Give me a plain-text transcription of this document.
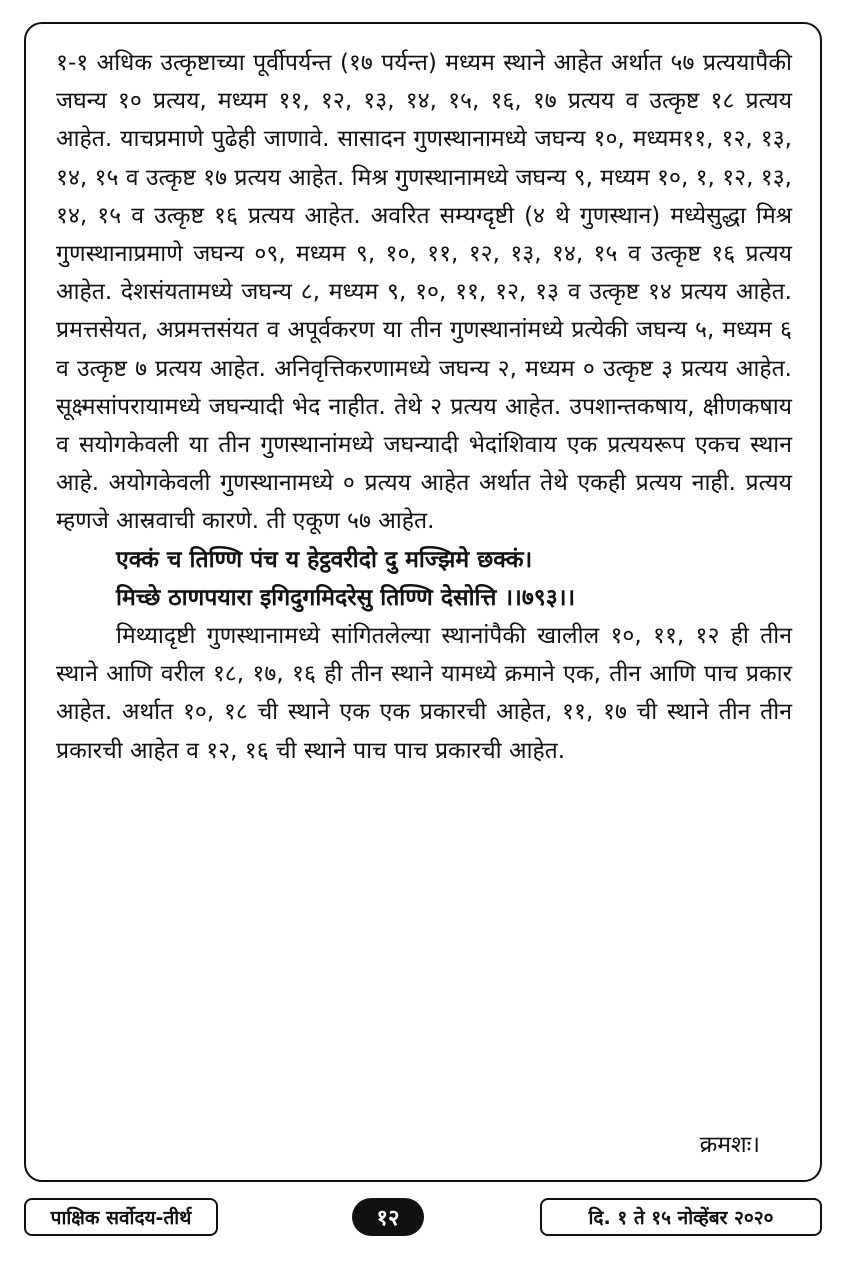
१-१ अधिक उत्कृष्टाच्या पूर्वीपर्यन्त (१७ पर्यन्त) मध्यम स्थाने आहेत अर्थात ५७ प्रत्ययापैकी जघन्य १० प्रत्यय, मध्यम ११, १२, १३, १४, १५, १६, १७ प्रत्यय व उत्कृष्ट १८ प्रत्यय आहेत. याचप्रमाणे पुढेही जाणावे. सासादन गुणस्थानामध्ये जघन्य १०, मध्यम११, १२, १३, १४, १५ व उत्कृष्ट १७ प्रत्यय आहेत. मिश्र गुणस्थानामध्ये जघन्य ९, मध्यम १०, १, १२, १३, १४, १५ व उत्कृष्ट १६ प्रत्यय आहेत. अवरित सम्यग्दृष्टी (४ थे गुणस्थान) मध्येसुद्धा मिश्र गुणस्थानाप्रमाणे जघन्य ०९, मध्यम ९, १०, ११, १२, १३, १४, १५ व उत्कृष्ट १६ प्रत्यय आहेत. देशसंयतामध्ये जघन्य ८, मध्यम ९, १०, ११, १२, १३ व उत्कृष्ट १४ प्रत्यय आहेत. प्रमत्तसेयत, अप्रमत्तसंयत व अपूर्वकरण या तीन गुणस्थानांमध्ये प्रत्येकी जघन्य ५, मध्यम ६ व उत्कृष्ट ७ प्रत्यय आहेत. अनिवृत्तिकरणामध्ये जघन्य २, मध्यम ० उत्कृष्ट ३ प्रत्यय आहेत. सूक्ष्मसांपरायामध्ये जघन्यादी भेद नाहीत. तेथे २ प्रत्यय आहेत. उपशान्तकषाय, क्षीणकषाय व सयोगकेवली या तीन गुणस्थानांमध्ये जघन्यादी भेदांशिवाय एक प्रत्ययरूप एकच स्थान आहे. अयोगकेवली गुणस्थानामध्ये ० प्रत्यय आहेत अर्थात तेथे एकही प्रत्यय नाही. प्रत्यय म्हणजे आस्रवाची कारणे. ती एकूण ५७ आहेत.

एक्कं च तिण्णि पंच य हेट्ठवरीदो दु मज्झिमे छक्कं।
मिच्छे ठाणपयारा इगिदुगमिदरेसु तिण्णि देसोत्ति ।।७९३।।

मिथ्यादृष्टी गुणस्थानामध्ये सांगितलेल्या स्थानांपैकी खालील १०, ११, १२ ही तीन स्थाने आणि वरील १८, १७, १६ ही तीन स्थाने यामध्ये क्रमाने एक, तीन आणि पाच प्रकार आहेत. अर्थात १०, १८ ची स्थाने एक एक प्रकारची आहेत, ११, १७ ची स्थाने तीन तीन प्रकारची आहेत व १२, १६ ची स्थाने पाच पाच प्रकारची आहेत.

क्रमशः।
पाक्षिक सर्वोदय-तीर्थ	१२	दि. १ ते १५ नोव्हेंबर २०२०
